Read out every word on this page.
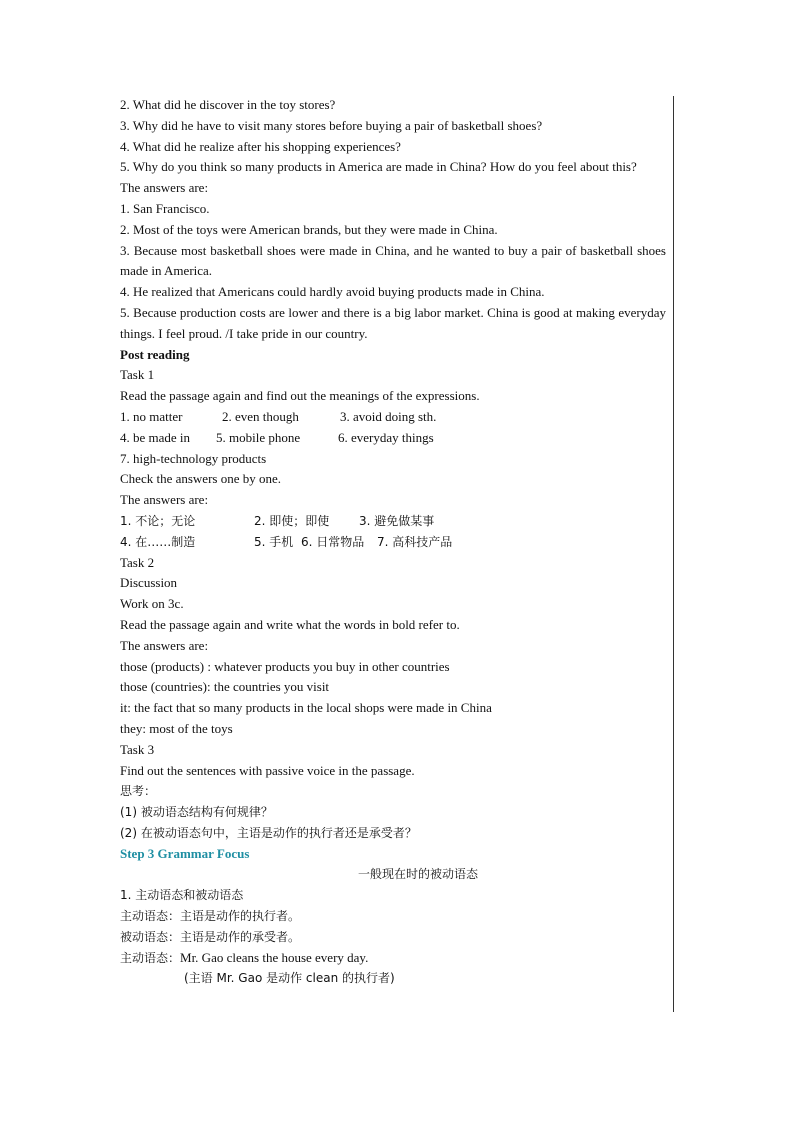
2. What did he discover in the toy stores?
3. Why did he have to visit many stores before buying a pair of basketball shoes?
4. What did he realize after his shopping experiences?
5. Why do you think so many products in America are made in China? How do you feel about this?
The answers are:
1. San Francisco.
2. Most of the toys were American brands, but they were made in China.
3. Because most basketball shoes were made in China, and he wanted to buy a pair of basketball shoes made in America.
4. He realized that Americans could hardly avoid buying products made in China.
5. Because production costs are lower and there is a big labor market. China is good at making everyday things. I feel proud. /I take pride in our country.
Post reading
Task 1
Read the passage again and find out the meanings of the expressions.
1. no matter	2. even though	3. avoid doing sth.
4. be made in 5. mobile phone	6. everyday things
7. high-technology products
Check the answers one by one.
The answers are:
1. 不论；无论	2. 即使；即使 3. 避免做某事
4. 在……制造	5. 手机 6. 日常物品 7. 高科技产品
Task 2
Discussion
Work on 3c.
Read the passage again and write what the words in bold refer to.
The answers are:
those (products) : whatever products you buy in other countries
those (countries): the countries you visit
it: the fact that so many products in the local shops were made in China
they: most of the toys
Task 3
Find out the sentences with passive voice in the passage.
思考：
(1) 被动语态结构有何规律？
(2) 在被动语态句中，主语是动作的执行者还是承受者？
Step 3 Grammar Focus
一般现在时的被动语态
1. 主动语态和被动语态
主动语态：主语是动作的执行者。
被动语态：主语是动作的承受者。
主动语态：Mr. Gao cleans the house every day.
(主语 Mr. Gao 是动作 clean 的执行者)
